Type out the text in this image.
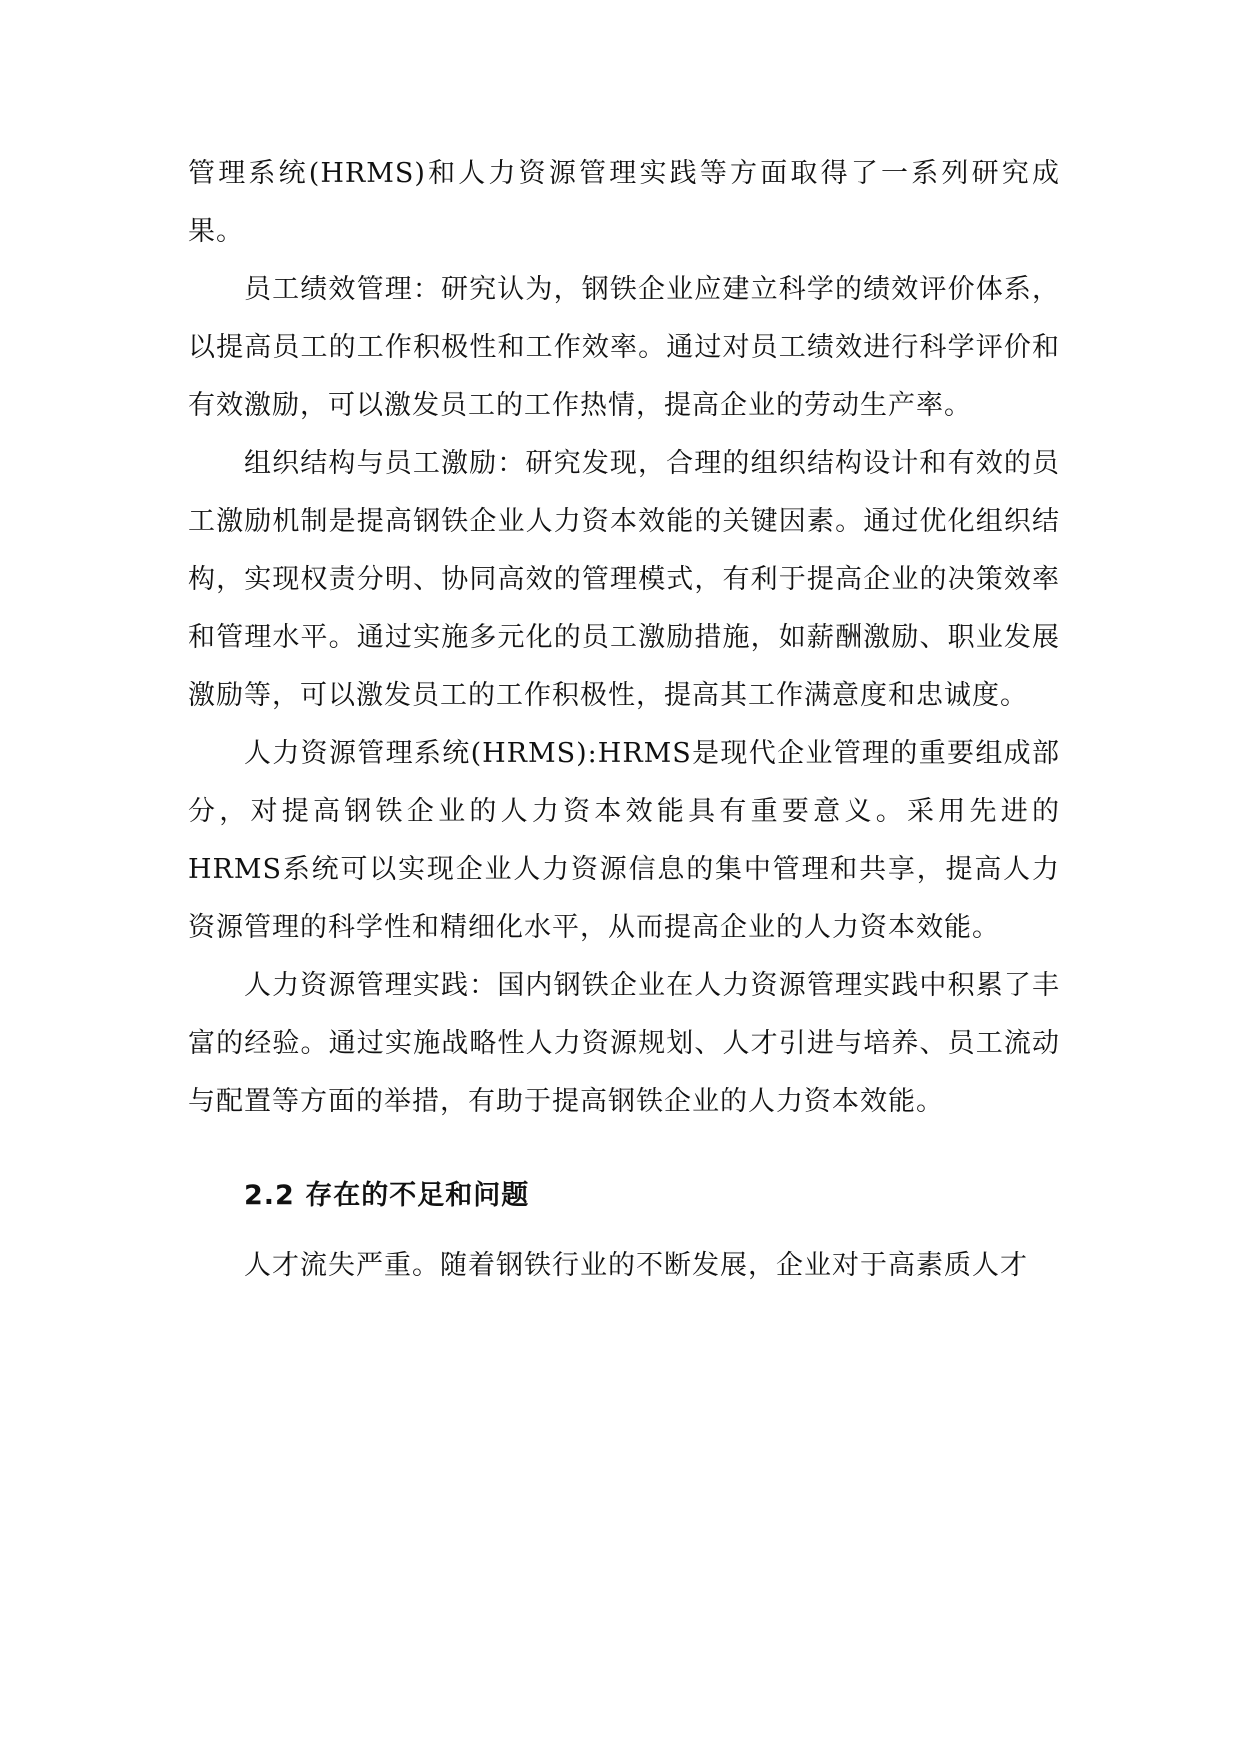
管理系统(HRMS)和人力资源管理实践等方面取得了一系列研究成果。

员工绩效管理：研究认为，钢铁企业应建立科学的绩效评价体系，以提高员工的工作积极性和工作效率。通过对员工绩效进行科学评价和有效激励，可以激发员工的工作热情，提高企业的劳动生产率。

组织结构与员工激励：研究发现，合理的组织结构设计和有效的员工激励机制是提高钢铁企业人力资本效能的关键因素。通过优化组织结构，实现权责分明、协同高效的管理模式，有利于提高企业的决策效率和管理水平。通过实施多元化的员工激励措施，如薪酬激励、职业发展激励等，可以激发员工的工作积极性，提高其工作满意度和忠诚度。

人力资源管理系统(HRMS):HRMS是现代企业管理的重要组成部分，对提高钢铁企业的人力资本效能具有重要意义。采用先进的HRMS系统可以实现企业人力资源信息的集中管理和共享，提高人力资源管理的科学性和精细化水平，从而提高企业的人力资本效能。

人力资源管理实践：国内钢铁企业在人力资源管理实践中积累了丰富的经验。通过实施战略性人力资源规划、人才引进与培养、员工流动与配置等方面的举措，有助于提高钢铁企业的人力资本效能。

2.2 存在的不足和问题

人才流失严重。随着钢铁行业的不断发展，企业对于高素质人才
